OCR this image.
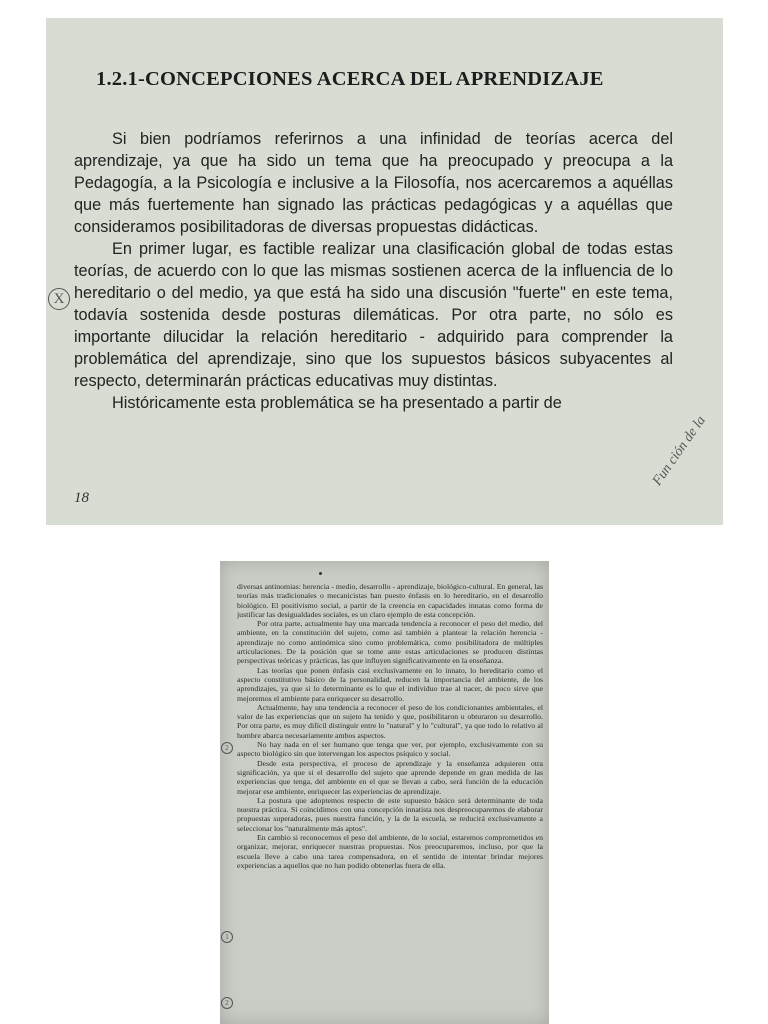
1.2.1-CONCEPCIONES ACERCA DEL APRENDIZAJE

Si bien podríamos referirnos a una infinidad de teorías acerca del aprendizaje, ya que ha sido un tema que ha preocupado y preocupa a la Pedagogía, a la Psicología e inclusive a la Filosofía, nos acercaremos a aquéllas que más fuertemente han signado las prácticas pedagógicas y a aquéllas que consideramos posibilitadoras de diversas propuestas didácticas.

En primer lugar, es factible realizar una clasificación global de todas estas teorías, de acuerdo con lo que las mismas sostienen acerca de la influencia de lo hereditario o del medio, ya que está ha sido una discusión "fuerte" en este tema, todavía sostenida desde posturas dilemáticas. Por otra parte, no sólo es importante dilucidar la relación hereditario - adquirido para comprender la problemática del aprendizaje, sino que los supuestos básicos subyacentes al respecto, determinarán prácticas educativas muy distintas.

Históricamente esta problemática se ha presentado a partir de

18
X
Fun ción de la

diversas antinomias: herencia - medio, desarrollo - aprendizaje, biológico-cultural. En general, las teorías más tradicionales o mecanicistas han puesto énfasis en lo hereditario, en el desarrollo biológico. El positivismo social, a partir de la creencia en capacidades innatas como forma de justificar las desigualdades sociales, es un claro ejemplo de esta concepción.

Por otra parte, actualmente hay una marcada tendencia a reconocer el peso del medio, del ambiente, en la constitución del sujeto, como así también a plantear la relación herencia - aprendizaje no como antinómica sino como problemática, como posibilitadora de múltiples articulaciones. De la posición que se tome ante estas articulaciones se producen distintas perspectivas teóricas y prácticas, las que influyen significativamente en la enseñanza.

Las teorías que ponen énfasis casi exclusivamente en lo innato, lo hereditario como el aspecto constitutivo básico de la personalidad, reducen la importancia del ambiente, de los aprendizajes, ya que si lo determinante es lo que el individuo trae al nacer, de poco sirve que mejoremos el ambiente para enriquecer su desarrollo.

Actualmente, hay una tendencia a reconocer el peso de los condicionantes ambientales, el valor de las experiencias que un sujeto ha tenido y que, posibilitaron u obturaron su desarrollo. Por otra parte, es muy difícil distinguir entre lo "natural" y lo "cultural", ya que todo lo relativo al hombre abarca necesariamente ambos aspectos.

No hay nada en el ser humano que tenga que ver, por ejemplo, exclusivamente con su aspecto biológico sin que intervengan los aspectos psíquico y social.

Desde esta perspectiva, el proceso de aprendizaje y la enseñanza adquieren otra significación, ya que si el desarrollo del sujeto que aprende depende en gran medida de las experiencias que tenga, del ambiente en el que se llevan a cabo, será función de la educación mejorar ese ambiente, enriquecer las experiencias de aprendizaje.

La postura que adoptemos respecto de este supuesto básico será determinante de toda nuestra práctica. Si coincidimos con una concepción innatista nos despreocuparemos de elaborar propuestas superadoras, pues nuestra función, y la de la escuela, se reducirá exclusivamente a seleccionar los "naturalmente más aptos".

En cambio si reconocemos el peso del ambiente, de lo social, estaremos comprometidos en organizar, mejorar, enriquecer nuestras propuestas. Nos preocuparemos, incluso, por que la escuela lleve a cabo una tarea compensadora, en el sentido de intentar brindar mejores experiencias a aquellos que no han podido obtenerlas fuera de ella.

2
1
2
